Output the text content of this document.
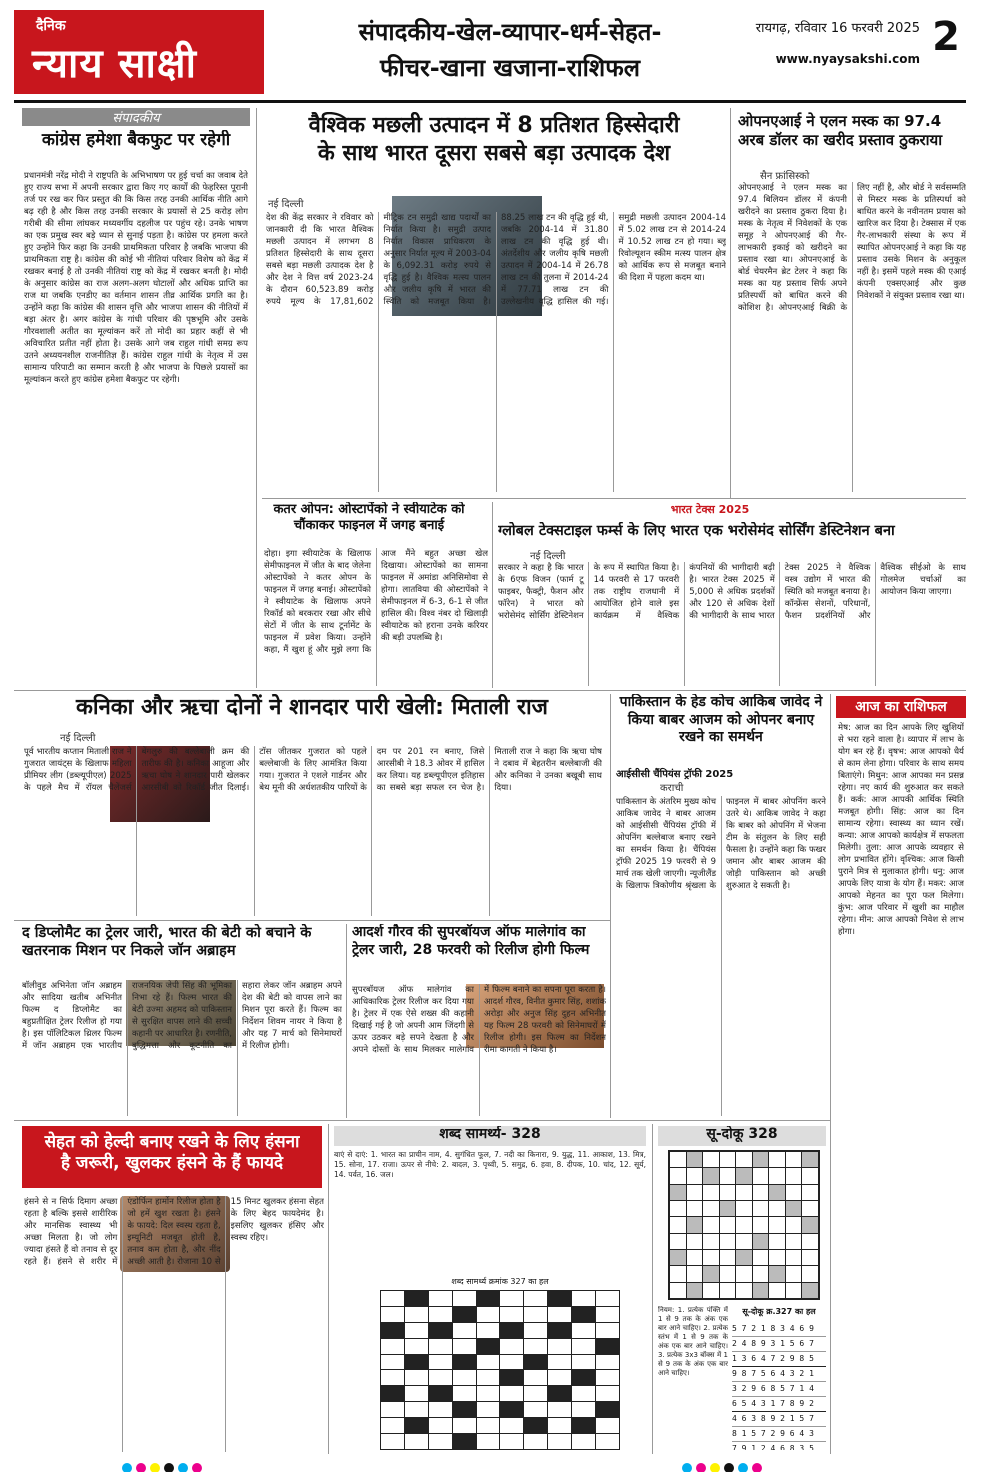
दैनिक
न्याय साक्षी
संपादकीय-खेल-व्यापार-धर्म-सेहत-
फीचर-खाना खजाना-राशिफल
रायगढ़, रविवार 16 फरवरी 2025
www.nyaysakshi.com 2
संपादकीय
कांग्रेस हमेशा बैकफुट पर रहेगी
प्रधानमंत्री नरेंद्र मोदी ने राष्ट्रपति के अभिभाषण पर हुई चर्चा का जवाब देते हुए राज्य सभा में अपनी सरकार द्वारा किए गए कार्यों की फेहरिस्त पूरानी तर्ज पर रख कर फिर प्रस्तुत की कि किस तरह उनकी आर्थिक नीति आगे बढ़ रही है और किस तरह उनकी सरकार के प्रयासों से 25 करोड़ लोग गरीबी की सीमा लांघकर मध्यवर्गीय दहलीज पर पहुंच रहे। उनके भाषण का एक प्रमुख स्वर बड़े ध्यान से सुनाई पड़ता है। कांग्रेस पर हमला करते हुए उन्होंने फिर कहा कि उनकी प्राथमिकता परिवार है जबकि भाजपा की प्राथमिकता राष्ट्र है। कांग्रेस की कोई भी नीतियां परिवार विशेष को केंद्र में रखकर बनाई है तो उनकी नीतियां राष्ट्र को केंद्र में रखकर बनती है। मोदी के अनुसार कांग्रेस का राज अलग-अलग घोटालों और अधिक प्राप्ति का राज था जबकि एनडीए का वर्तमान शासन तीव्र आर्थिक प्रगति का है। उन्होंने कहा कि कांग्रेस की शासन वृत्ति और भाजपा शासन की नीतियों में बड़ा अंतर है। अगर कांग्रेस के गांधी परिवार की पृष्ठभूमि और उसके गौरवशाली अतीत का मूल्यांकन करें तो मोदी का प्रहार कहीं से भी अविचारित प्रतीत नहीं होता है। उसके आगे जब राहुल गांधी समग्र रूप उतने अध्ययनशील राजनीतिज्ञ हैं। कांग्रेस राहुल गांधी के नेतृत्व में उस सामान्य परिपाटी का सम्मान करती है और भाजपा के पिछले प्रयासों का मूल्यांकन करते हुए कांग्रेस हमेशा बैकफुट पर रहेगी।
वैश्विक मछली उत्पादन में 8 प्रतिशत हिस्सेदारी
के साथ भारत दूसरा सबसे बड़ा उत्पादक देश
नई दिल्ली
देश की केंद्र सरकार ने रविवार को जानकारी दी कि भारत वैश्विक मछली उत्पादन में लगभग 8 प्रतिशत हिस्सेदारी के साथ दूसरा सबसे बड़ा मछली उत्पादक देश है और देश ने वित्त वर्ष 2023-24 के दौरान 60,523.89 करोड़ रुपये मूल्य के 17,81,602 मीट्रिक टन समुद्री खाद्य पदार्थों का निर्यात किया है। समुद्री उत्पाद निर्यात विकास प्राधिकरण के अनुसार निर्यात मूल्य में 2003-04 के 6,092.31 करोड़ रुपये से वृद्धि हुई है। वैश्विक मत्स्य पालन और जलीय कृषि में भारत की स्थिति को मजबूत किया है। 88.25 लाख टन की वृद्धि हुई थी, जबकि 2004-14 में 31.80 लाख टन की वृद्धि हुई थी। अंतर्देशीय और जलीय कृषि मछली उत्पादन में 2004-14 में 26.78 लाख टन की तुलना में 2014-24 में 77.71 लाख टन की उल्लेखनीय वृद्धि हासिल की गई। समुद्री मछली उत्पादन 2004-14 में 5.02 लाख टन से 2014-24 में 10.52 लाख टन हो गया। ब्लू रिवोल्यूशन स्कीम मत्स्य पालन क्षेत्र को आर्थिक रूप से मजबूत बनाने की दिशा में पहला कदम था।
ओपनएआई ने एलन मस्क का 97.4 अरब डॉलर का खरीद प्रस्ताव ठुकराया
सैन फ्रांसिस्को
ओपनएआई ने एलन मस्क का 97.4 बिलियन डॉलर में कंपनी खरीदने का प्रस्ताव ठुकरा दिया है। मस्क के नेतृत्व में निवेशकों के एक समूह ने ओपनएआई की गैर-लाभकारी इकाई को खरीदने का प्रस्ताव रखा था। ओपनएआई के बोर्ड चेयरमैन ब्रेट टेलर ने कहा कि मस्क का यह प्रस्ताव सिर्फ अपने प्रतिस्पर्धी को बाधित करने की कोशिश है। ओपनएआई बिक्री के लिए नहीं है, और बोर्ड ने सर्वसम्मति से मिस्टर मस्क के प्रतिस्पर्धा को बाधित करने के नवीनतम प्रयास को खारिज कर दिया है। टेक्सास में एक गैर-लाभकारी संस्था के रूप में स्थापित ओपनएआई ने कहा कि यह प्रस्ताव उसके मिशन के अनुकूल नहीं है। इसमें पहले मस्क की एआई कंपनी एक्सएआई और कुछ निवेशकों ने संयुक्त प्रस्ताव रखा था।
कतर ओपन: ओस्टापेंको ने स्वीयाटेक को चौंकाकर फाइनल में जगह बनाई
दोहा। इगा स्वीयाटेक के खिलाफ सेमीफाइनल में जीत के बाद जेलेना ओस्टापेंको ने कतर ओपन के फाइनल में जगह बनाई। ओस्टापेंको ने स्वीयाटेक के खिलाफ अपने रिकॉर्ड को बरकरार रखा और सीधे सेटों में जीत के साथ टूर्नामेंट के फाइनल में प्रवेश किया। उन्होंने कहा, मैं खुश हूं और मुझे लगा कि आज मैंने बहुत अच्छा खेल दिखाया। ओस्टापेंको का सामना फाइनल में अमांडा अनिसिमोवा से होगा। लातविया की ओस्टापेंको ने सेमीफाइनल में 6-3, 6-1 से जीत हासिल की। विश्व नंबर दो खिलाड़ी स्वीयाटेक को हराना उनके करियर की बड़ी उपलब्धि है।
भारत टेक्स 2025
ग्लोबल टेक्सटाइल फर्म्स के लिए भारत एक भरोसेमंद सोर्सिंग डेस्टिनेशन बना
नई दिल्ली
सरकार ने कहा है कि भारत के 6एफ विजन (फार्म टू फाइबर, फैक्ट्री, फैशन और फॉरेन) ने भारत को भरोसेमंद सोर्सिंग डेस्टिनेशन के रूप में स्थापित किया है। 14 फरवरी से 17 फरवरी तक राष्ट्रीय राजधानी में आयोजित होने वाले इस कार्यक्रम में वैश्विक कंपनियों की भागीदारी बढ़ी है। भारत टेक्स 2025 में 5,000 से अधिक प्रदर्शकों और 120 से अधिक देशों की भागीदारी के साथ भारत टेक्स 2025 ने वैश्विक वस्त्र उद्योग में भारत की स्थिति को मजबूत बनाया है। कॉन्फ्रेंस सेशनों, परिधानों, फैशन प्रदर्शनियों और वैश्विक सीईओ के साथ गोलमेज चर्चाओं का आयोजन किया जाएगा।
कनिका और ऋचा दोनों ने शानदार पारी खेली: मिताली राज
नई दिल्ली
पूर्व भारतीय कप्तान मिताली राज ने गुजरात जायंट्स के खिलाफ महिला प्रीमियर लीग (डब्ल्यूपीएल) 2025 के पहले मैच में रॉयल चैलेंजर्स बेंगलुरु की बल्लेबाजी क्रम की तारीफ की है। कनिका आहूजा और ऋचा घोष ने शानदार पारी खेलकर आरसीबी को रिकॉर्ड जीत दिलाई। टॉस जीतकर गुजरात को पहले बल्लेबाजी के लिए आमंत्रित किया गया। गुजरात ने एशले गार्डनर और बेथ मूनी की अर्धशतकीय पारियों के दम पर 201 रन बनाए, जिसे आरसीबी ने 18.3 ओवर में हासिल कर लिया। यह डब्ल्यूपीएल इतिहास का सबसे बड़ा सफल रन चेज है। मिताली राज ने कहा कि ऋचा घोष ने दबाव में बेहतरीन बल्लेबाजी की और कनिका ने उनका बखूबी साथ दिया।
पाकिस्तान के हेड कोच आकिब जावेद ने किया बाबर आजम को ओपनर बनाए रखने का समर्थन
आईसीसी चैंपियंस ट्रॉफी 2025
कराची
पाकिस्तान के अंतरिम मुख्य कोच आकिब जावेद ने बाबर आजम को आईसीसी चैंपियंस ट्रॉफी में ओपनिंग बल्लेबाज बनाए रखने का समर्थन किया है। चैंपियंस ट्रॉफी 2025 19 फरवरी से 9 मार्च तक खेली जाएगी। न्यूजीलैंड के खिलाफ त्रिकोणीय श्रृंखला के फाइनल में बाबर ओपनिंग करने उतरे थे। आकिब जावेद ने कहा कि बाबर को ओपनिंग में भेजना टीम के संतुलन के लिए सही फैसला है। उन्होंने कहा कि फखर जमान और बाबर आजम की जोड़ी पाकिस्तान को अच्छी शुरुआत दे सकती है।
आज का राशिफल
मेष: आज का दिन आपके लिए खुशियों से भरा रहने वाला है। व्यापार में लाभ के योग बन रहे हैं। वृषभ: आज आपको धैर्य से काम लेना होगा। परिवार के साथ समय बिताएंगे। मिथुन: आज आपका मन प्रसन्न रहेगा। नए कार्य की शुरुआत कर सकते हैं। कर्क: आज आपकी आर्थिक स्थिति मजबूत होगी। सिंह: आज का दिन सामान्य रहेगा। स्वास्थ्य का ध्यान रखें। कन्या: आज आपको कार्यक्षेत्र में सफलता मिलेगी। तुला: आज आपके व्यवहार से लोग प्रभावित होंगे। वृश्चिक: आज किसी पुराने मित्र से मुलाकात होगी। धनु: आज आपके लिए यात्रा के योग हैं। मकर: आज आपको मेहनत का पूरा फल मिलेगा। कुंभ: आज परिवार में खुशी का माहौल रहेगा। मीन: आज आपको निवेश से लाभ होगा।
द डिप्लोमैट का ट्रेलर जारी, भारत की बेटी को बचाने के खतरनाक मिशन पर निकले जॉन अब्राहम
बॉलीवुड अभिनेता जॉन अब्राहम और सादिया खतीब अभिनीत फिल्म द डिप्लोमैट का बहुप्रतीक्षित ट्रेलर रिलीज हो गया है। इस पॉलिटिकल थ्रिलर फिल्म में जॉन अब्राहम एक भारतीय राजनयिक जेपी सिंह की भूमिका निभा रहे हैं। फिल्म भारत की बेटी उज्मा अहमद को पाकिस्तान से सुरक्षित वापस लाने की सच्ची कहानी पर आधारित है। रणनीति, बुद्धिमत्ता और कूटनीति का सहारा लेकर जॉन अब्राहम अपने देश की बेटी को वापस लाने का मिशन पूरा करते हैं। फिल्म का निर्देशन शिवम नायर ने किया है और यह 7 मार्च को सिनेमाघरों में रिलीज होगी।
आदर्श गौरव की सुपरबॉयज ऑफ मालेगांव का ट्रेलर जारी, 28 फरवरी को रिलीज होगी फिल्म
सुपरबॉयज ऑफ मालेगांव का आधिकारिक ट्रेलर रिलीज कर दिया गया है। ट्रेलर में एक ऐसे शख्स की कहानी दिखाई गई है जो अपनी आम जिंदगी से ऊपर उठकर बड़े सपने देखता है और अपने दोस्तों के साथ मिलकर मालेगांव में फिल्म बनाने का सपना पूरा करता है। आदर्श गौरव, विनीत कुमार सिंह, शशांक अरोड़ा और अनुज सिंह दुहन अभिनीत यह फिल्म 28 फरवरी को सिनेमाघरों में रिलीज होगी। इस फिल्म का निर्देशन रीमा कागती ने किया है।
सेहत को हेल्दी बनाए रखने के लिए हंसना
है जरूरी, खुलकर हंसने के हैं फायदे
हंसने से न सिर्फ दिमाग अच्छा रहता है बल्कि इससे शारीरिक और मानसिक स्वास्थ्य भी अच्छा मिलता है। जो लोग ज्यादा हंसते हैं वो तनाव से दूर रहते हैं। हंसने से शरीर में एंडोर्फिन हार्मोन रिलीज होता है जो हमें खुश रखता है। हंसने के फायदे: दिल स्वस्थ रहता है, इम्यूनिटी मजबूत होती है, तनाव कम होता है, और नींद अच्छी आती है। रोजाना 10 से 15 मिनट खुलकर हंसना सेहत के लिए बेहद फायदेमंद है। इसलिए खुलकर हंसिए और स्वस्थ रहिए।
शब्द सामर्थ्य- 328
बाएं से दाएं: 1. भारत का प्राचीन नाम, 4. सुगंधित फूल, 7. नदी का किनारा, 9. युद्ध, 11. आकाश, 13. मित्र, 15. सोना, 17. राजा। ऊपर से नीचे: 2. बादल, 3. पृथ्वी, 5. समुद्र, 6. हवा, 8. दीपक, 10. चांद, 12. सूर्य, 14. पर्वत, 16. जल।
शब्द सामर्थ्य क्रमांक 327 का हल
सू-दोकू 328
नियम: 1. प्रत्येक पंक्ति में 1 से 9 तक के अंक एक बार आने चाहिए। 2. प्रत्येक स्तंभ में 1 से 9 तक के अंक एक बार आने चाहिए। 3. प्रत्येक 3x3 बॉक्स में 1 से 9 तक के अंक एक बार आने चाहिए।
सू-दोकू क्र.327 का हल
5 7 2 1 8 3 4 6 9
2 4 8 9 3 1 5 6 7
1 3 6 4 7 2 9 8 5
9 8 7 5 6 4 3 2 1
3 2 9 6 8 5 7 1 4
6 5 4 3 1 7 8 9 2
4 6 3 8 9 2 1 5 7
8 1 5 7 2 9 6 4 3
7 9 1 2 4 6 8 3 5
